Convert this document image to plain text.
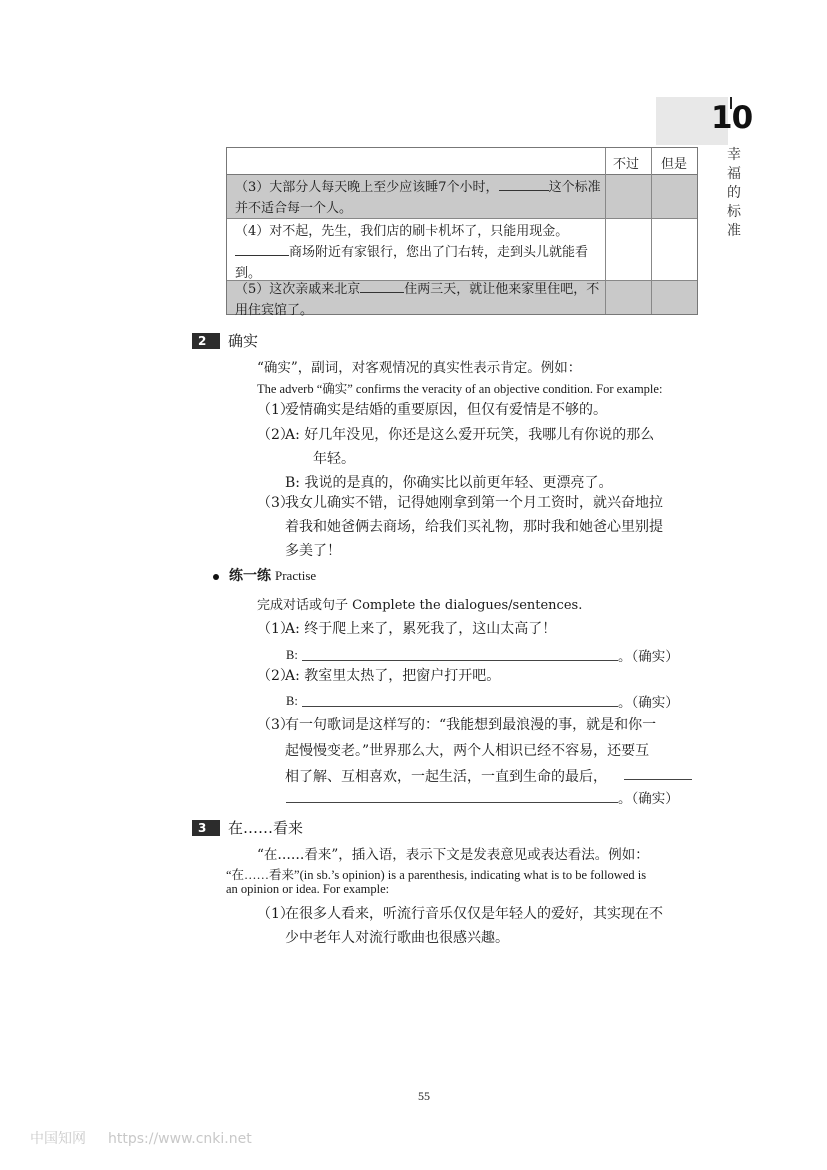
10
幸福的标准
不过 但是
（3）大部分人每天晚上至少应该睡7个小时，	这个标准并不适合每一个人。
（4）对不起，先生，我们店的刷卡机坏了，只能用现金。商场附近有家银行，您出了门右转，走到头儿就能看到。
（5）这次亲戚来北京	住两三天，就让他来家里住吧，不用住宾馆了。
2	确实
“确实”，副词，对客观情况的真实性表示肯定。例如：
The adverb “确实” confirms the veracity of an objective condition. For example:
（1）爱情确实是结婚的重要原因，但仅有爱情是不够的。
（2）A: 好几年没见，你还是这么爱开玩笑，我哪儿有你说的那么
年轻。
B: 我说的是真的，你确实比以前更年轻、更漂亮了。
（3）我女儿确实不错，记得她刚拿到第一个月工资时，就兴奋地拉
着我和她爸俩去商场，给我们买礼物，那时我和她爸心里别提
多美了！
练一练 Practise
完成对话或句子 Complete the dialogues/sentences.
（1）A: 终于爬上来了，累死我了，这山太高了！
B:	。（确实）
（2）A: 教室里太热了，把窗户打开吧。
B:	。（确实）
（3）有一句歌词是这样写的：“我能想到最浪漫的事，就是和你一
起慢慢变老。”世界那么大，两个人相识已经不容易，还要互
相了解、互相喜欢，一起生活，一直到生命的最后，
。（确实）
3	在……看来
“在……看来”，插入语，表示下文是发表意见或表达看法。例如：
“在……看来”(in sb.’s opinion) is a parenthesis, indicating what is to be followed is
an opinion or idea. For example:
（1）在很多人看来，听流行音乐仅仅是年轻人的爱好，其实现在不
少中老年人对流行歌曲也很感兴趣。
55
中国知网 https://www.cnki.net
